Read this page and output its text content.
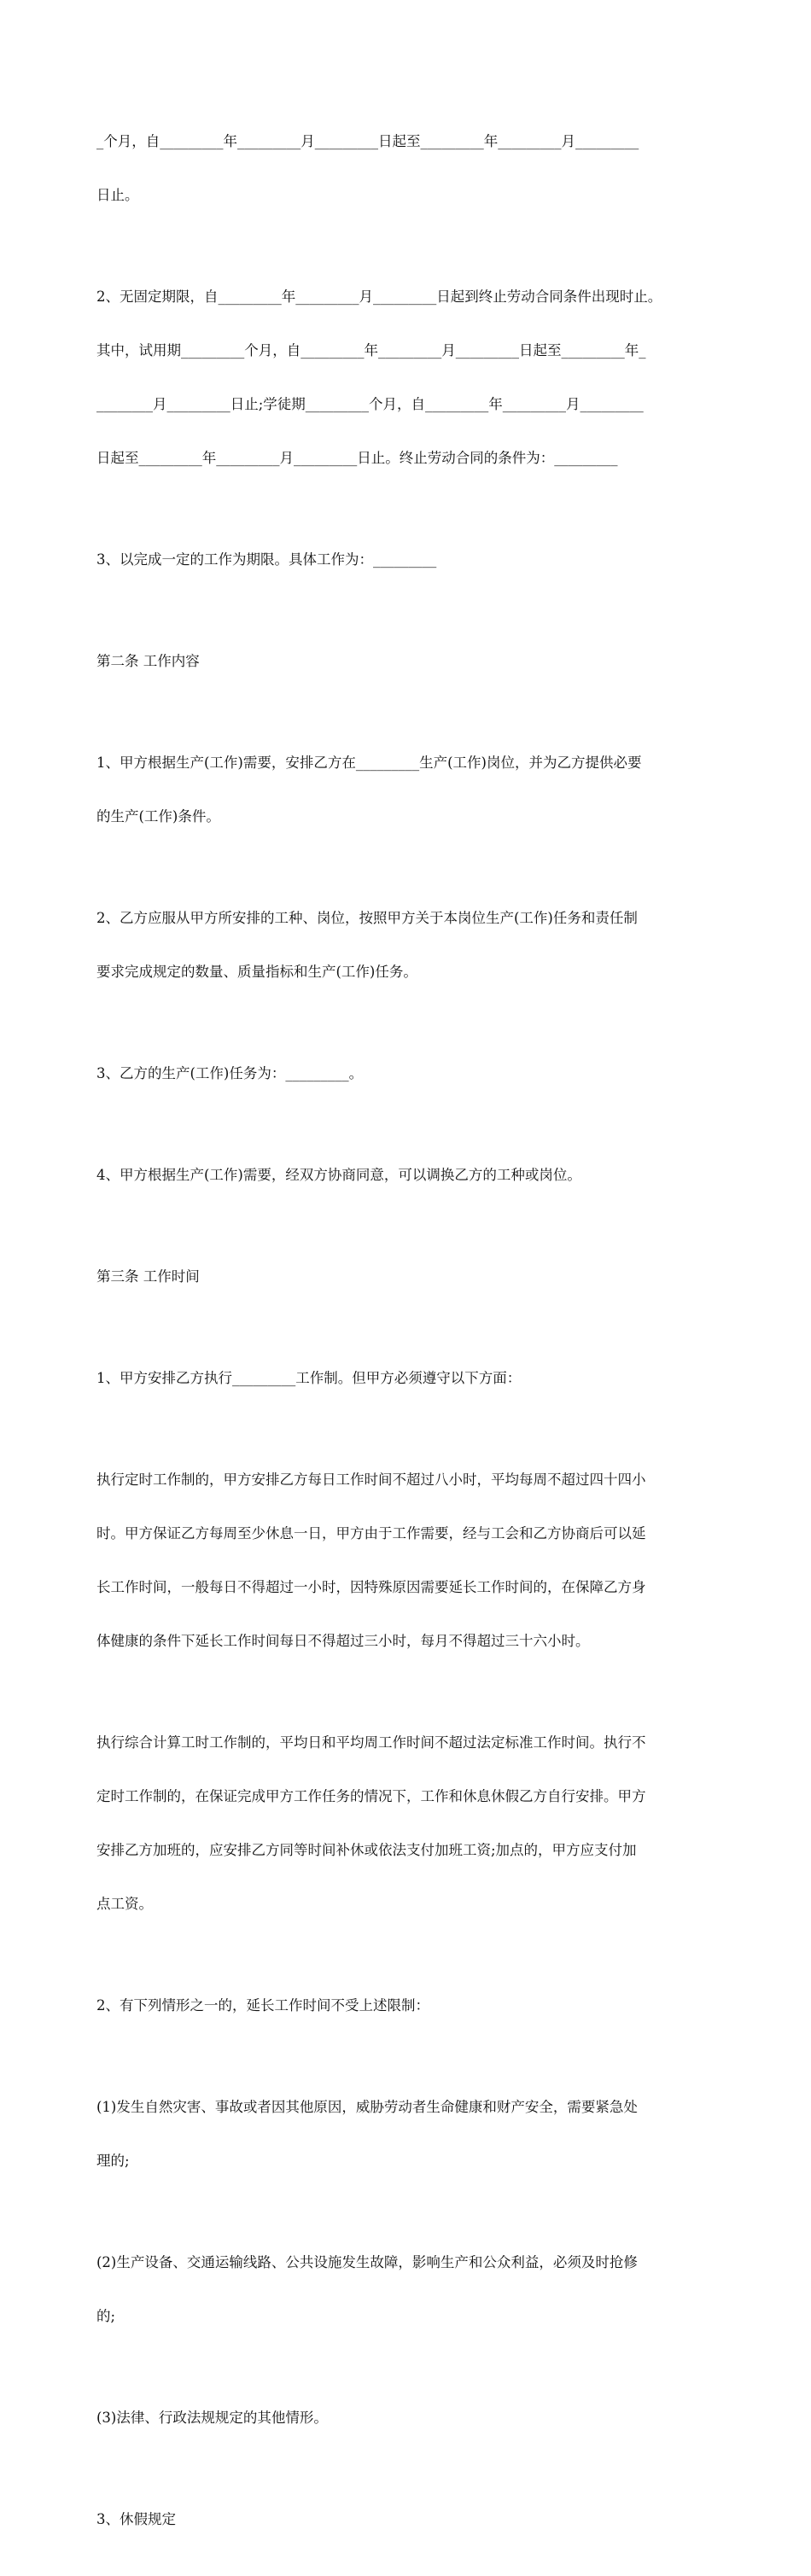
_个月，自_________年_________月_________日起至_________年_________月_________

日止。

2、无固定期限，自_________年_________月_________日起到终止劳动合同条件出现时止。

其中，试用期_________个月，自_________年_________月_________日起至_________年_

________月_________日止;学徒期_________个月，自_________年_________月_________

日起至_________年_________月_________日止。终止劳动合同的条件为：_________

3、以完成一定的工作为期限。具体工作为：_________

第二条 工作内容

1、甲方根据生产(工作)需要，安排乙方在_________生产(工作)岗位，并为乙方提供必要

的生产(工作)条件。

2、乙方应服从甲方所安排的工种、岗位，按照甲方关于本岗位生产(工作)任务和责任制

要求完成规定的数量、质量指标和生产(工作)任务。

3、乙方的生产(工作)任务为：_________。

4、甲方根据生产(工作)需要，经双方协商同意，可以调换乙方的工种或岗位。

第三条 工作时间

1、甲方安排乙方执行_________工作制。但甲方必须遵守以下方面：

执行定时工作制的，甲方安排乙方每日工作时间不超过八小时，平均每周不超过四十四小

时。甲方保证乙方每周至少休息一日，甲方由于工作需要，经与工会和乙方协商后可以延

长工作时间，一般每日不得超过一小时，因特殊原因需要延长工作时间的，在保障乙方身

体健康的条件下延长工作时间每日不得超过三小时，每月不得超过三十六小时。

执行综合计算工时工作制的，平均日和平均周工作时间不超过法定标准工作时间。执行不

定时工作制的，在保证完成甲方工作任务的情况下，工作和休息休假乙方自行安排。甲方

安排乙方加班的，应安排乙方同等时间补休或依法支付加班工资;加点的，甲方应支付加

点工资。

2、有下列情形之一的，延长工作时间不受上述限制：

(1)发生自然灾害、事故或者因其他原因，威胁劳动者生命健康和财产安全，需要紧急处

理的;

(2)生产设备、交通运输线路、公共设施发生故障，影响生产和公众利益，必须及时抢修

的;

(3)法律、行政法规规定的其他情形。

3、休假规定
